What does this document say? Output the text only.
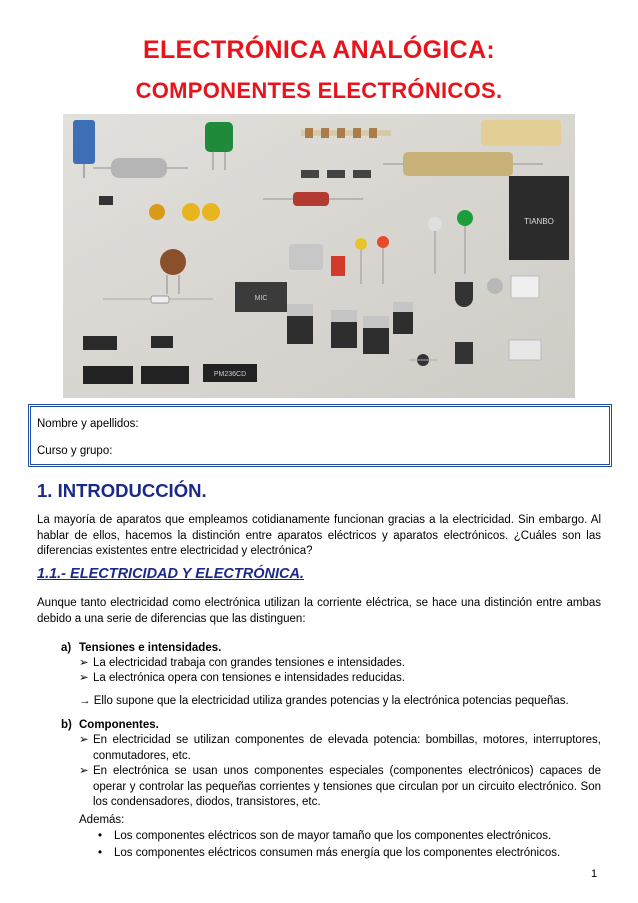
ELECTRÓNICA ANALÓGICA:
COMPONENTES ELECTRÓNICOS.
TIANBO
MIC
PM236CD
Nombre y apellidos:
Curso y grupo:
1. INTRODUCCIÓN.
La mayoría de aparatos que empleamos cotidianamente funcionan gracias a la electricidad. Sin embargo. Al hablar de ellos, hacemos la distinción entre aparatos eléctricos y aparatos electrónicos. ¿Cuáles son las diferencias existentes entre electricidad y electrónica?
1.1.- ELECTRICIDAD Y ELECTRÓNICA.
Aunque tanto electricidad como electrónica utilizan la corriente eléctrica, se hace una distinción entre ambas debido a una serie de diferencias que las distinguen:
a) Tensiones e intensidades.
➢ La electricidad trabaja con grandes tensiones e intensidades.
➢ La electrónica opera con tensiones e intensidades reducidas.
→ Ello supone que la electricidad utiliza grandes potencias y la electrónica potencias pequeñas.
b) Componentes.
➢ En electricidad se utilizan componentes de elevada potencia: bombillas, motores, interruptores, conmutadores, etc.
➢ En electrónica se usan unos componentes especiales (componentes electrónicos) capaces de operar y controlar las pequeñas corrientes y tensiones que circulan por un circuito electrónico. Son los condensadores, diodos, transistores, etc.
Además:
• Los componentes eléctricos son de mayor tamaño que los componentes electrónicos.
• Los componentes eléctricos consumen más energía que los componentes electrónicos.
1
